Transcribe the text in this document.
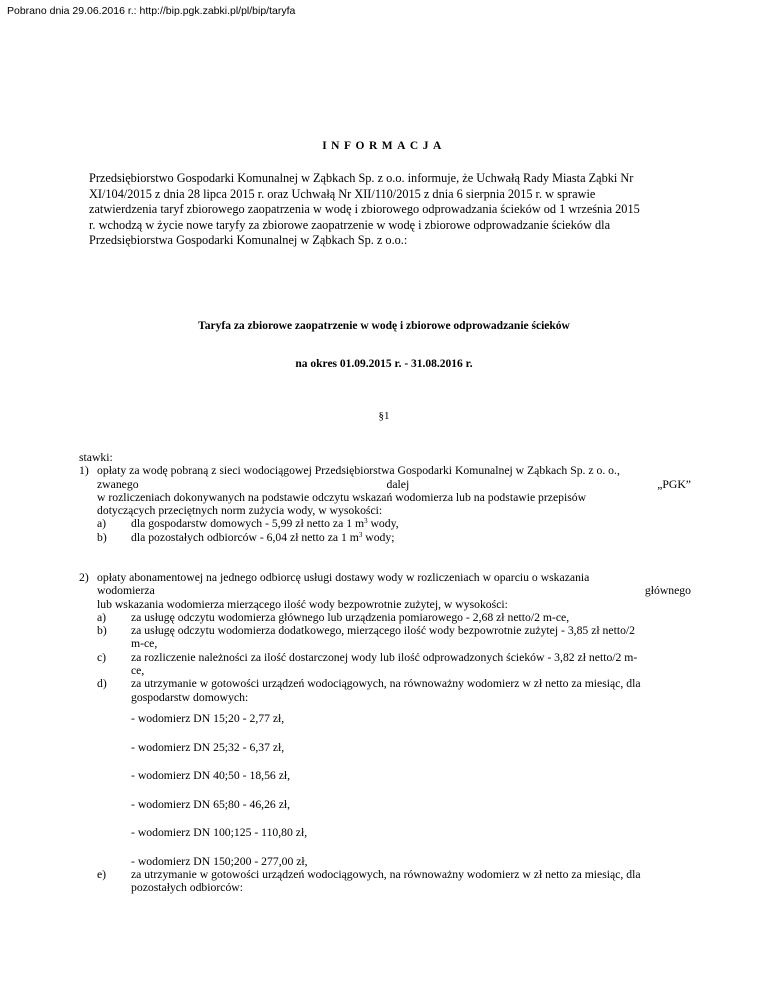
Pobrano dnia 29.06.2016 r.: http://bip.pgk.zabki.pl/pl/bip/taryfa
INFORMACJA

Przedsiębiorstwo Gospodarki Komunalnej w Ząbkach Sp. z o.o. informuje, że Uchwałą Rady Miasta Ząbki Nr

XI/104/2015 z dnia 28 lipca 2015 r. oraz Uchwałą Nr XII/110/2015 z dnia 6 sierpnia 2015 r. w sprawie

zatwierdzenia taryf zbiorowego zaopatrzenia w wodę i zbiorowego odprowadzania ścieków od 1 września 2015

r. wchodzą w życie nowe taryfy za zbiorowe zaopatrzenie w wodę i zbiorowe odprowadzanie ścieków dla

Przedsiębiorstwa Gospodarki Komunalnej w Ząbkach Sp. z o.o.:

Taryfa za zbiorowe zaopatrzenie w wodę i zbiorowe odprowadzanie ścieków
na okres 01.09.2015 r. - 31.08.2016 r.
§1
stawki:
1) opłaty za wodę pobraną z sieci wodociągowej Przedsiębiorstwa Gospodarki Komunalnej w Ząbkach Sp. z o. o.,
zwanego dalej „PGK”
w rozliczeniach dokonywanych na podstawie odczytu wskazań wodomierza lub na podstawie przepisów
dotyczących przeciętnych norm zużycia wody, w wysokości:
a) dla gospodarstw domowych - 5,99 zł netto za 1 $m^3$ wody,
b) dla pozostałych odbiorców - 6,04 zł netto za 1 $m^3$ wody;
2) opłaty abonamentowej na jednego odbiorcę usługi dostawy wody w rozliczeniach w oparciu o wskazania
wodomierza głównego
lub wskazania wodomierza mierzącego ilość wody bezpowrotnie zużytej, w wysokości:
a) za usługę odczytu wodomierza głównego lub urządzenia pomiarowego - 2,68 zł netto/2 m-ce,
b) za usługę odczytu wodomierza dodatkowego, mierzącego ilość wody bezpowrotnie zużytej - 3,85 zł netto/2
m-ce,
c) za rozliczenie należności za ilość dostarczonej wody lub ilość odprowadzonych ścieków - 3,82 zł netto/2 m-
ce,
d) za utrzymanie w gotowości urządzeń wodociągowych, na równoważny wodomierz w zł netto za miesiąc, dla
gospodarstw domowych:
- wodomierz DN 15;20 - 2,77 zł,
- wodomierz DN 25;32 - 6,37 zł,
- wodomierz DN 40;50 - 18,56 zł,
- wodomierz DN 65;80 - 46,26 zł,
- wodomierz DN 100;125 - 110,80 zł,
- wodomierz DN 150;200 - 277,00 zł,
e) za utrzymanie w gotowości urządzeń wodociągowych, na równoważny wodomierz w zł netto za miesiąc, dla
pozostałych odbiorców:
